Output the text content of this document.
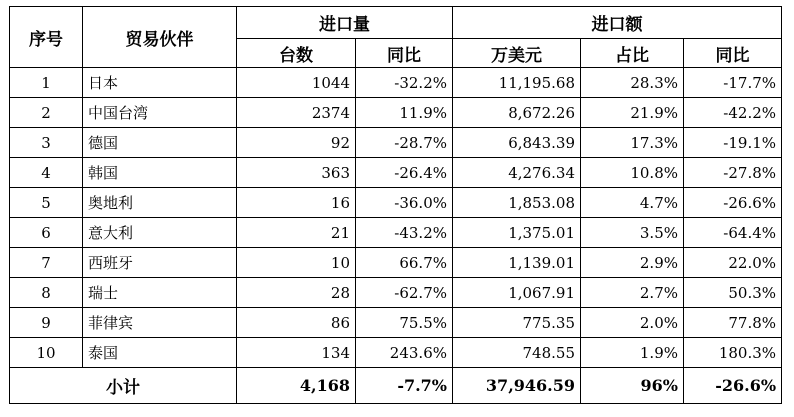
序号	贸易伙伴	进口量		进口额		
		台数	同比	万美元	占比	同比
1	日本	1044	-32.2%	11,195.68	28.3%	-17.7%
2	中国台湾	2374	11.9%	8,672.26	21.9%	-42.2%
3	德国	92	-28.7%	6,843.39	17.3%	-19.1%
4	韩国	363	-26.4%	4,276.34	10.8%	-27.8%
5	奥地利	16	-36.0%	1,853.08	4.7%	-26.6%
6	意大利	21	-43.2%	1,375.01	3.5%	-64.4%
7	西班牙	10	66.7%	1,139.01	2.9%	22.0%
8	瑞士	28	-62.7%	1,067.91	2.7%	50.3%
9	菲律宾	86	75.5%	775.35	2.0%	77.8%
10	泰国	134	243.6%	748.55	1.9%	180.3%
小计		4,168	-7.7%	37,946.59	96%	-26.6%
